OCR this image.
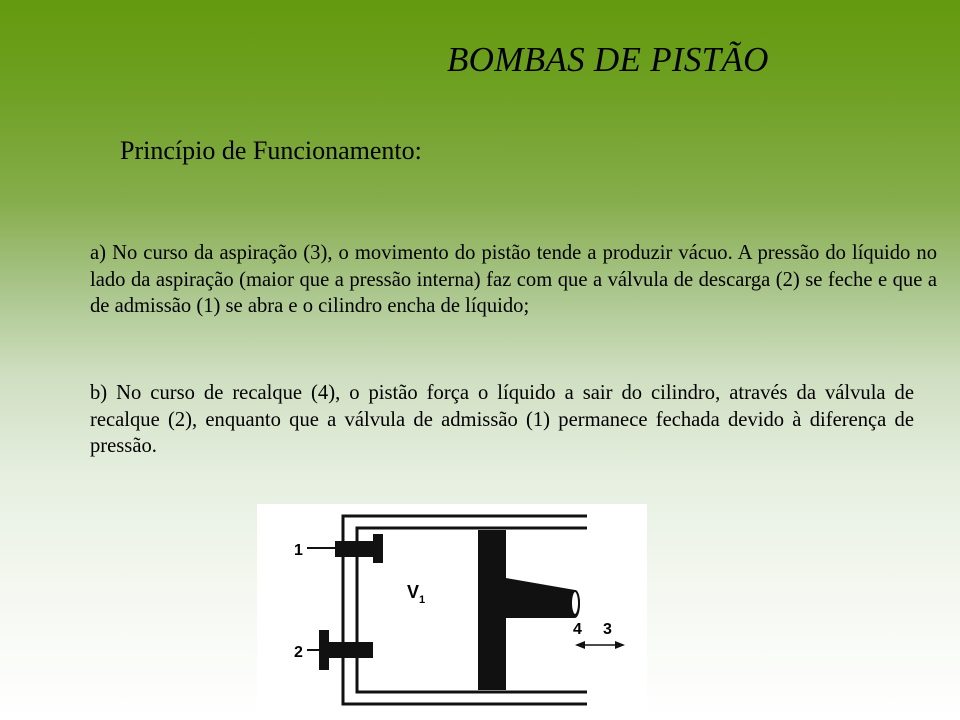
BOMBAS DE PISTÃO
Princípio de Funcionamento:
a) No curso da aspiração (3), o movimento do pistão tende a produzir vácuo. A pressão do líquido no lado da aspiração (maior que a pressão interna) faz com que a válvula de descarga (2) se feche e que a de admissão (1) se abra e o cilindro encha de líquido;
b) No curso de recalque (4), o pistão força o líquido a sair do cilindro, através da válvula de recalque (2), enquanto que a válvula de admissão (1) permanece fechada devido à diferença de pressão.
1
2
$V_1$
4 3
